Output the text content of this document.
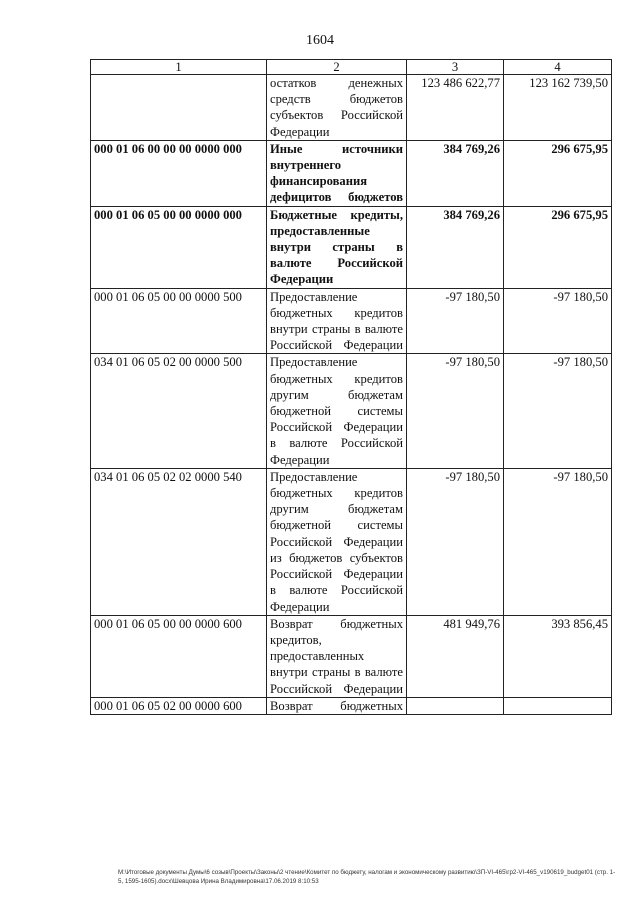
1604
1	2	3	4
	остатков денежных средств бюджетов субъектов Российской Федерации	123 486 622,77	123 162 739,50
000 01 06 00 00 00 0000 000	Иные источники внутреннего финансирования дефицитов бюджетов	384 769,26	296 675,95
000 01 06 05 00 00 0000 000	Бюджетные кредиты, предоставленные внутри страны в валюте Российской Федерации	384 769,26	296 675,95
000 01 06 05 00 00 0000 500	Предоставление бюджетных кредитов внутри страны в валюте Российской Федерации	-97 180,50	-97 180,50
034 01 06 05 02 00 0000 500	Предоставление бюджетных кредитов другим бюджетам бюджетной системы Российской Федерации в валюте Российской Федерации	-97 180,50	-97 180,50
034 01 06 05 02 02 0000 540	Предоставление бюджетных кредитов другим бюджетам бюджетной системы Российской Федерации из бюджетов субъектов Российской Федерации в валюте Российской Федерации	-97 180,50	-97 180,50
000 01 06 05 00 00 0000 600	Возврат бюджетных кредитов, предоставленных внутри страны в валюте Российской Федерации	481 949,76	393 856,45
000 01 06 05 02 00 0000 600	Возврат бюджетных		
М:\Итоговые документы Думы\6 созыв\Проекты\Законы\2 чтение\Комитет по бюджету, налогам и экономическому развитию\ЗП-VI-465\гр2-VI-465_v190619_budget01 (стр. 1-5, 1595-1605).docx\Шевцова Ирина Владимировна\17.06.2019 8:10:53
